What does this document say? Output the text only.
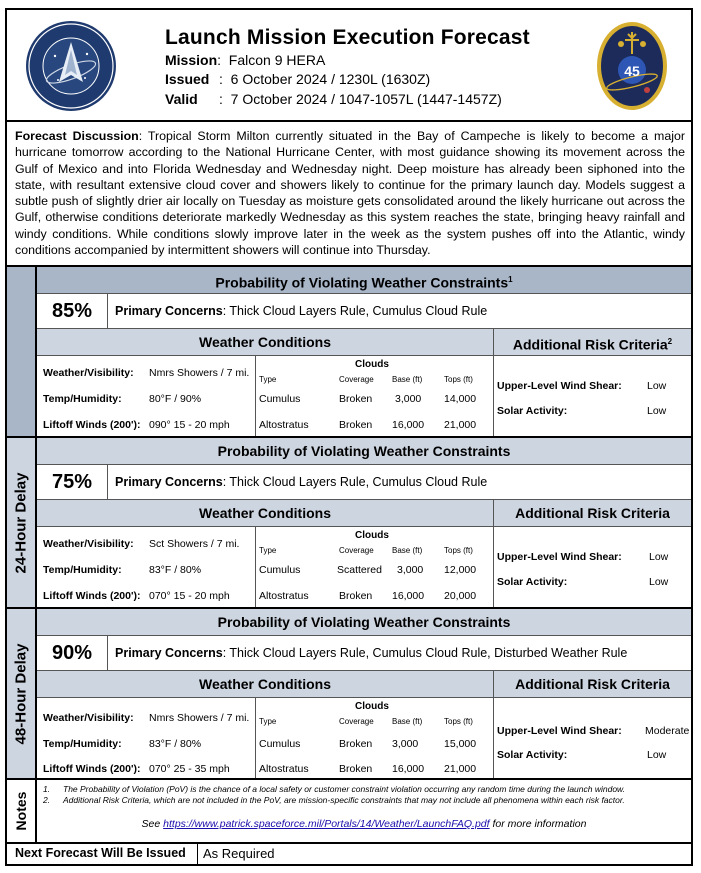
Launch Mission Execution Forecast
Mission:  Falcon 9 HERA
Issued :  6 October 2024 / 1230L (1630Z)
Valid :  7 October 2024 / 1047-1057L (1447-1457Z)
45
Forecast Discussion: Tropical Storm Milton currently situated in the Bay of Campeche is likely to become a major hurricane tomorrow according to the National Hurricane Center, with most guidance showing its movement across the Gulf of Mexico and into Florida Wednesday and Wednesday night. Deep moisture has already been siphoned into the state, with resultant extensive cloud cover and showers likely to continue for the primary launch day. Models suggest a subtle push of slightly drier air locally on Tuesday as moisture gets consolidated around the likely hurricane out across the Gulf, otherwise conditions deteriorate markedly Wednesday as this system reaches the state, bringing heavy rainfall and windy conditions. While conditions slowly improve later in the week as the system pushes off into the Atlantic, windy conditions accompanied by intermittent showers will continue into Thursday.
Probability of Violating Weather Constraints$^1$
85%	Primary Concerns: Thick Cloud Layers Rule, Cumulus Cloud Rule
Weather Conditions	Additional Risk Criteria$^2$
Weather/Visibility: Nmrs Showers / 7 mi.
Temp/Humidity:	80°F / 90%
Liftoff Winds (200'): 090° 15 - 20 mph
Clouds
Type	Coverage Base (ft)	Tops (ft)
Cumulus	Broken 3,000 14,000
Altostratus	Broken 16,000 21,000
Upper-Level Wind Shear: Low
Solar Activity:	Low
24-Hour Delay
Probability of Violating Weather Constraints
75%	Primary Concerns: Thick Cloud Layers Rule, Cumulus Cloud Rule
Weather Conditions	Additional Risk Criteria
Weather/Visibility: Sct Showers / 7 mi.
Temp/Humidity:	83°F / 80%
Liftoff Winds (200'): 070° 15 - 20 mph
Clouds
Type	Coverage Base (ft)	Tops (ft)
Cumulus	Scattered 3,000 12,000
Altostratus	Broken 16,000 20,000
Upper-Level Wind Shear:	Low
Solar Activity:	Low
48-Hour Delay
Probability of Violating Weather Constraints
90%	Primary Concerns: Thick Cloud Layers Rule, Cumulus Cloud Rule, Disturbed Weather Rule
Weather Conditions	Additional Risk Criteria
Weather/Visibility: Nmrs Showers / 7 mi.
Temp/Humidity:	83°F / 80%
Liftoff Winds (200'): 070° 25 - 35 mph
Clouds
Type	Coverage Base (ft)	Tops (ft)
Cumulus	Broken 3,000 15,000
Altostratus	Broken 16,000 21,000
Upper-Level Wind Shear: Moderate
Solar Activity:	Low
Notes
1. The Probability of Violation (PoV) is the chance of a local safety or customer constraint violation occurring any random time during the launch window.
2. Additional Risk Criteria, which are not included in the PoV, are mission-specific constraints that may not include all phenomena within each risk factor.
See https://www.patrick.spaceforce.mil/Portals/14/Weather/LaunchFAQ.pdf for more information
Next Forecast Will Be Issued As Required
